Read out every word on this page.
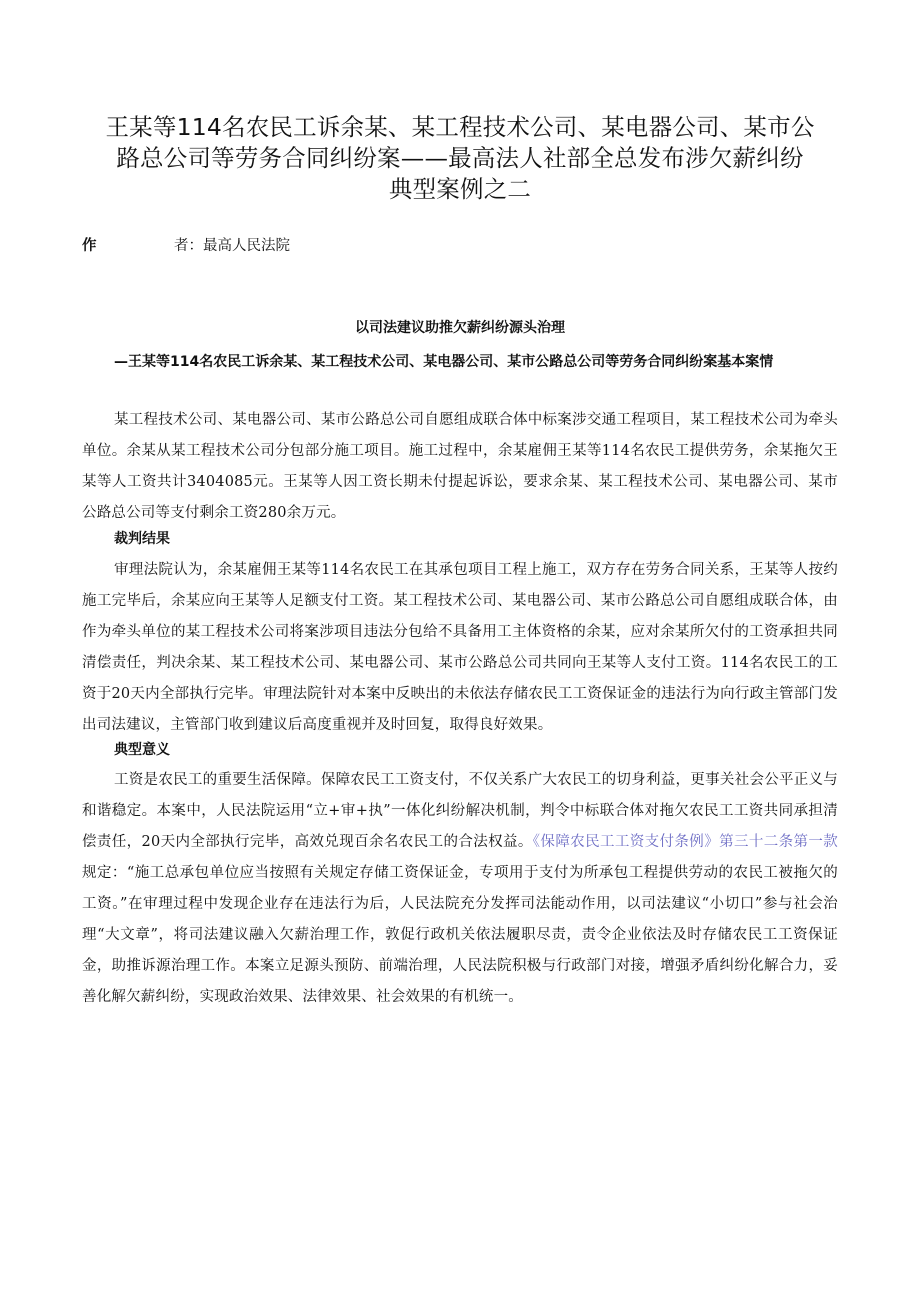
王某等114名农民工诉余某、某工程技术公司、某电器公司、某市公
路总公司等劳务合同纠纷案——最高法人社部全总发布涉欠薪纠纷
典型案例之二
作	者：最高人民法院
以司法建议助推欠薪纠纷源头治理
—王某等114名农民工诉余某、某工程技术公司、某电器公司、某市公路总公司等劳务合同纠纷案基本案情
某工程技术公司、某电器公司、某市公路总公司自愿组成联合体中标案涉交通工程项目，某工程技术公司为牵头单位。余某从某工程技术公司分包部分施工项目。施工过程中，余某雇佣王某等114名农民工提供劳务，余某拖欠王某等人工资共计3404085元。王某等人因工资长期未付提起诉讼，要求余某、某工程技术公司、某电器公司、某市公路总公司等支付剩余工资280余万元。
裁判结果
审理法院认为，余某雇佣王某等114名农民工在其承包项目工程上施工，双方存在劳务合同关系，王某等人按约施工完毕后，余某应向王某等人足额支付工资。某工程技术公司、某电器公司、某市公路总公司自愿组成联合体，由作为牵头单位的某工程技术公司将案涉项目违法分包给不具备用工主体资格的余某，应对余某所欠付的工资承担共同清偿责任，判决余某、某工程技术公司、某电器公司、某市公路总公司共同向王某等人支付工资。114名农民工的工资于20天内全部执行完毕。审理法院针对本案中反映出的未依法存储农民工工资保证金的违法行为向行政主管部门发出司法建议，主管部门收到建议后高度重视并及时回复，取得良好效果。
典型意义
工资是农民工的重要生活保障。保障农民工工资支付，不仅关系广大农民工的切身利益，更事关社会公平正义与和谐稳定。本案中，人民法院运用“立+审+执”一体化纠纷解决机制，判令中标联合体对拖欠农民工工资共同承担清偿责任，20天内全部执行完毕，高效兑现百余名农民工的合法权益。《保障农民工工资支付条例》第三十二条第一款规定：“施工总承包单位应当按照有关规定存储工资保证金，专项用于支付为所承包工程提供劳动的农民工被拖欠的工资。”在审理过程中发现企业存在违法行为后，人民法院充分发挥司法能动作用，以司法建议“小切口”参与社会治理“大文章”，将司法建议融入欠薪治理工作，敦促行政机关依法履职尽责，责令企业依法及时存储农民工工资保证金，助推诉源治理工作。本案立足源头预防、前端治理，人民法院积极与行政部门对接，增强矛盾纠纷化解合力，妥善化解欠薪纠纷，实现政治效果、法律效果、社会效果的有机统一。
